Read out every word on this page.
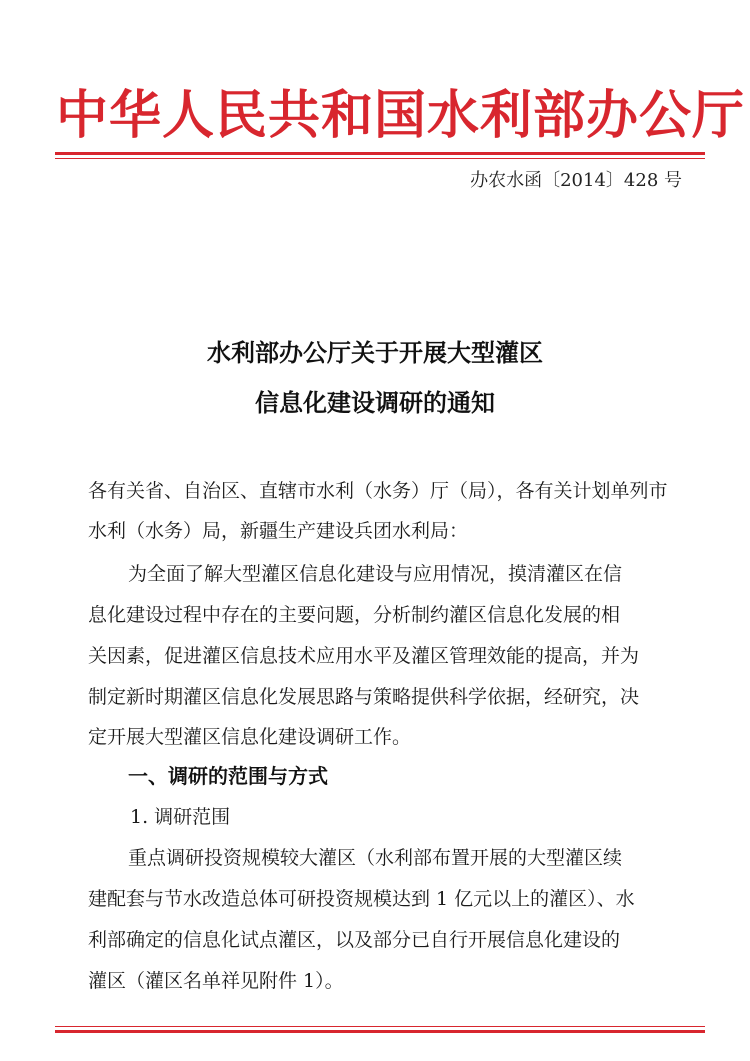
中华人民共和国水利部办公厅
办农水函〔2014〕428 号
水利部办公厅关于开展大型灌区
信息化建设调研的通知
各有关省、自治区、直辖市水利（水务）厅（局），各有关计划单列市
水利（水务）局，新疆生产建设兵团水利局：
为全面了解大型灌区信息化建设与应用情况，摸清灌区在信
息化建设过程中存在的主要问题，分析制约灌区信息化发展的相
关因素，促进灌区信息技术应用水平及灌区管理效能的提高，并为
制定新时期灌区信息化发展思路与策略提供科学依据，经研究，决
定开展大型灌区信息化建设调研工作。
一、调研的范围与方式
1. 调研范围
重点调研投资规模较大灌区（水利部布置开展的大型灌区续
建配套与节水改造总体可研投资规模达到 1 亿元以上的灌区）、水
利部确定的信息化试点灌区，以及部分已自行开展信息化建设的
灌区（灌区名单祥见附件 1）。
